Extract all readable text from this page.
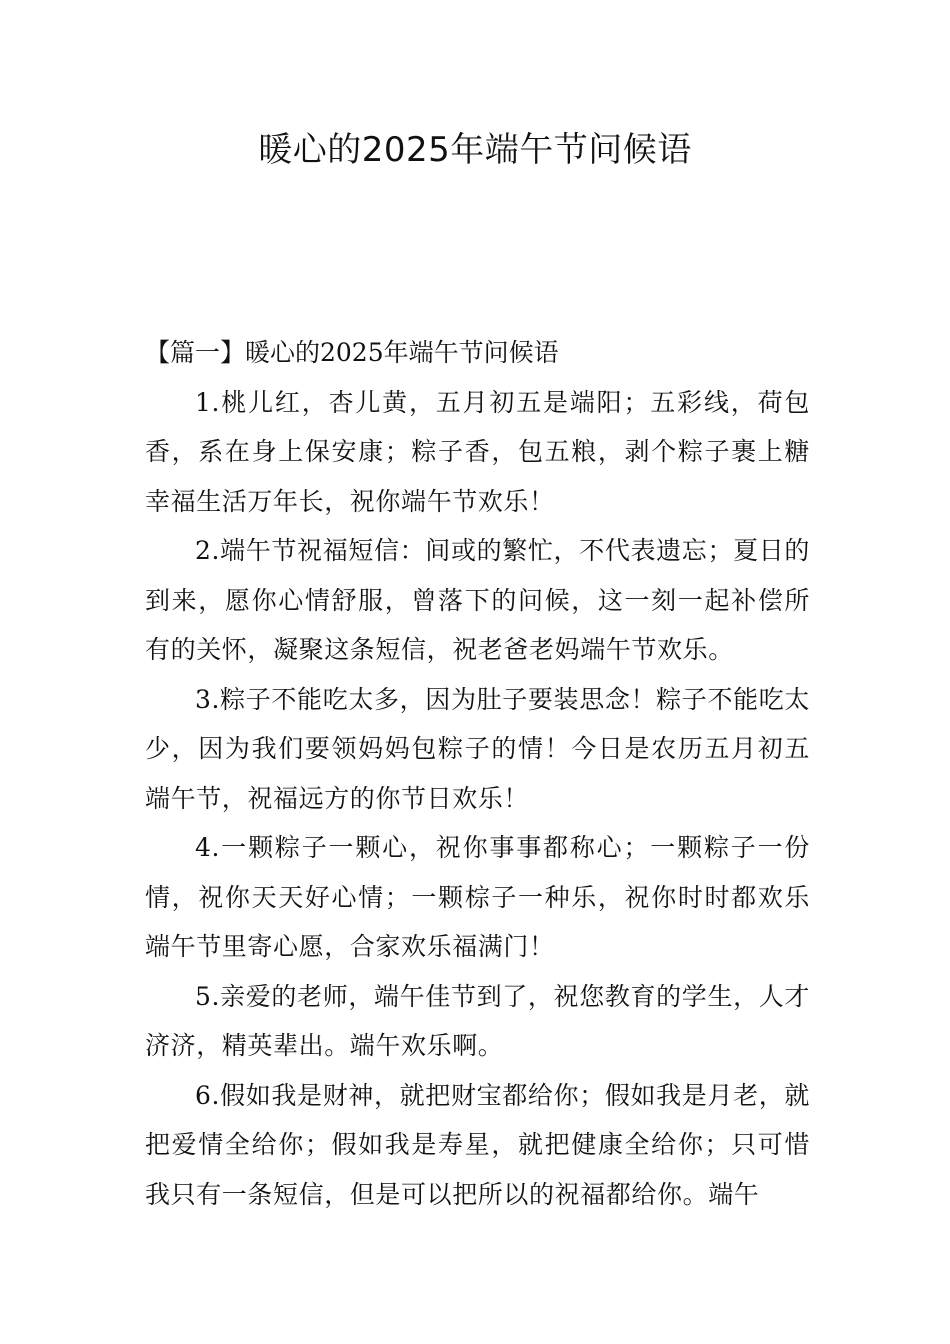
暖心的2025年端午节问候语
【篇一】暖心的2025年端午节问候语

1.桃儿红，杏儿黄，五月初五是端阳；五彩线，荷包香，系在身上保安康；粽子香，包五粮，剥个粽子裹上糖幸福生活万年长，祝你端午节欢乐！

2.端午节祝福短信：间或的繁忙，不代表遗忘；夏日的到来，愿你心情舒服，曾落下的问候，这一刻一起补偿所有的关怀，凝聚这条短信，祝老爸老妈端午节欢乐。

3.粽子不能吃太多，因为肚子要装思念！粽子不能吃太少，因为我们要领妈妈包粽子的情！今日是农历五月初五端午节，祝福远方的你节日欢乐！

4.一颗粽子一颗心，祝你事事都称心；一颗粽子一份情，祝你天天好心情；一颗棕子一种乐，祝你时时都欢乐端午节里寄心愿，合家欢乐福满门！

5.亲爱的老师，端午佳节到了，祝您教育的学生，人才济济，精英辈出。端午欢乐啊。

6.假如我是财神，就把财宝都给你；假如我是月老，就把爱情全给你；假如我是寿星，就把健康全给你；只可惜我只有一条短信，但是可以把所以的祝福都给你。端午
